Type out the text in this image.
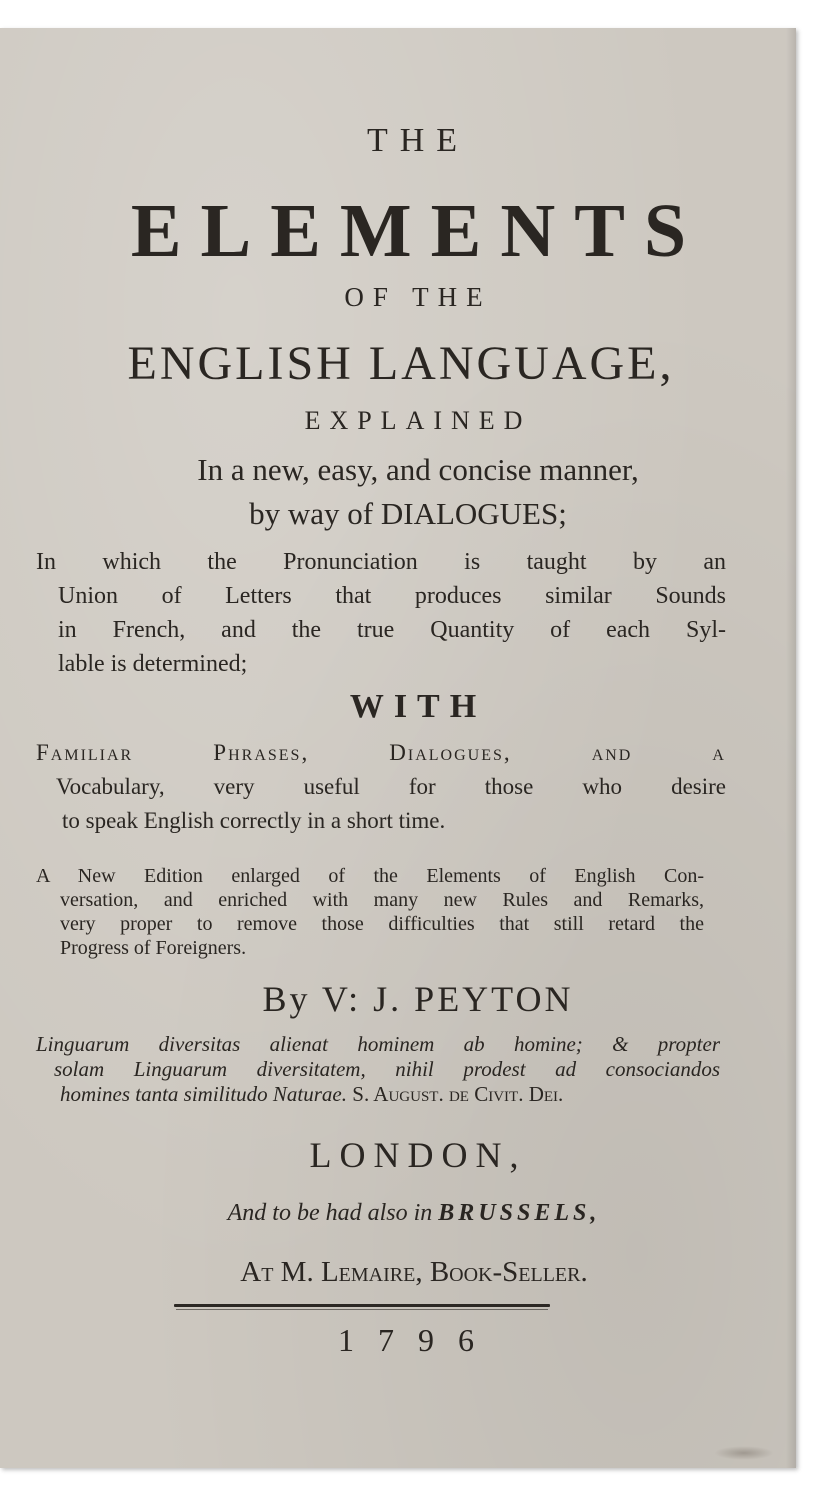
THE
ELEMENTS
OF THE
ENGLISH LANGUAGE,
EXPLAINED
In a new, easy, and concise manner,
by way of DIALOGUES;
In which the Pronunciation is taught by an
Union of Letters that produces similar Sounds
in French, and the true Quantity of each Syl-
lable is determined;
WITH
Familiar Phrases, Dialogues, and a
Vocabulary, very useful for those who desire
to speak English correctly in a short time.
A New Edition enlarged of the Elements of English Con-
versation, and enriched with many new Rules and Remarks,
very proper to remove those difficulties that still retard the
Progress of Foreigners.
By V: J. PEYTON
Linguarum diversitas alienat hominem ab homine; & propter
solam Linguarum diversitatem, nihil prodest ad consociandos
homines tanta similitudo Naturae. S. August. de Civit. Dei.
LONDON,
And to be had also in BRUSSELS,
At M. Lemaire, Book-Seller.
1796
